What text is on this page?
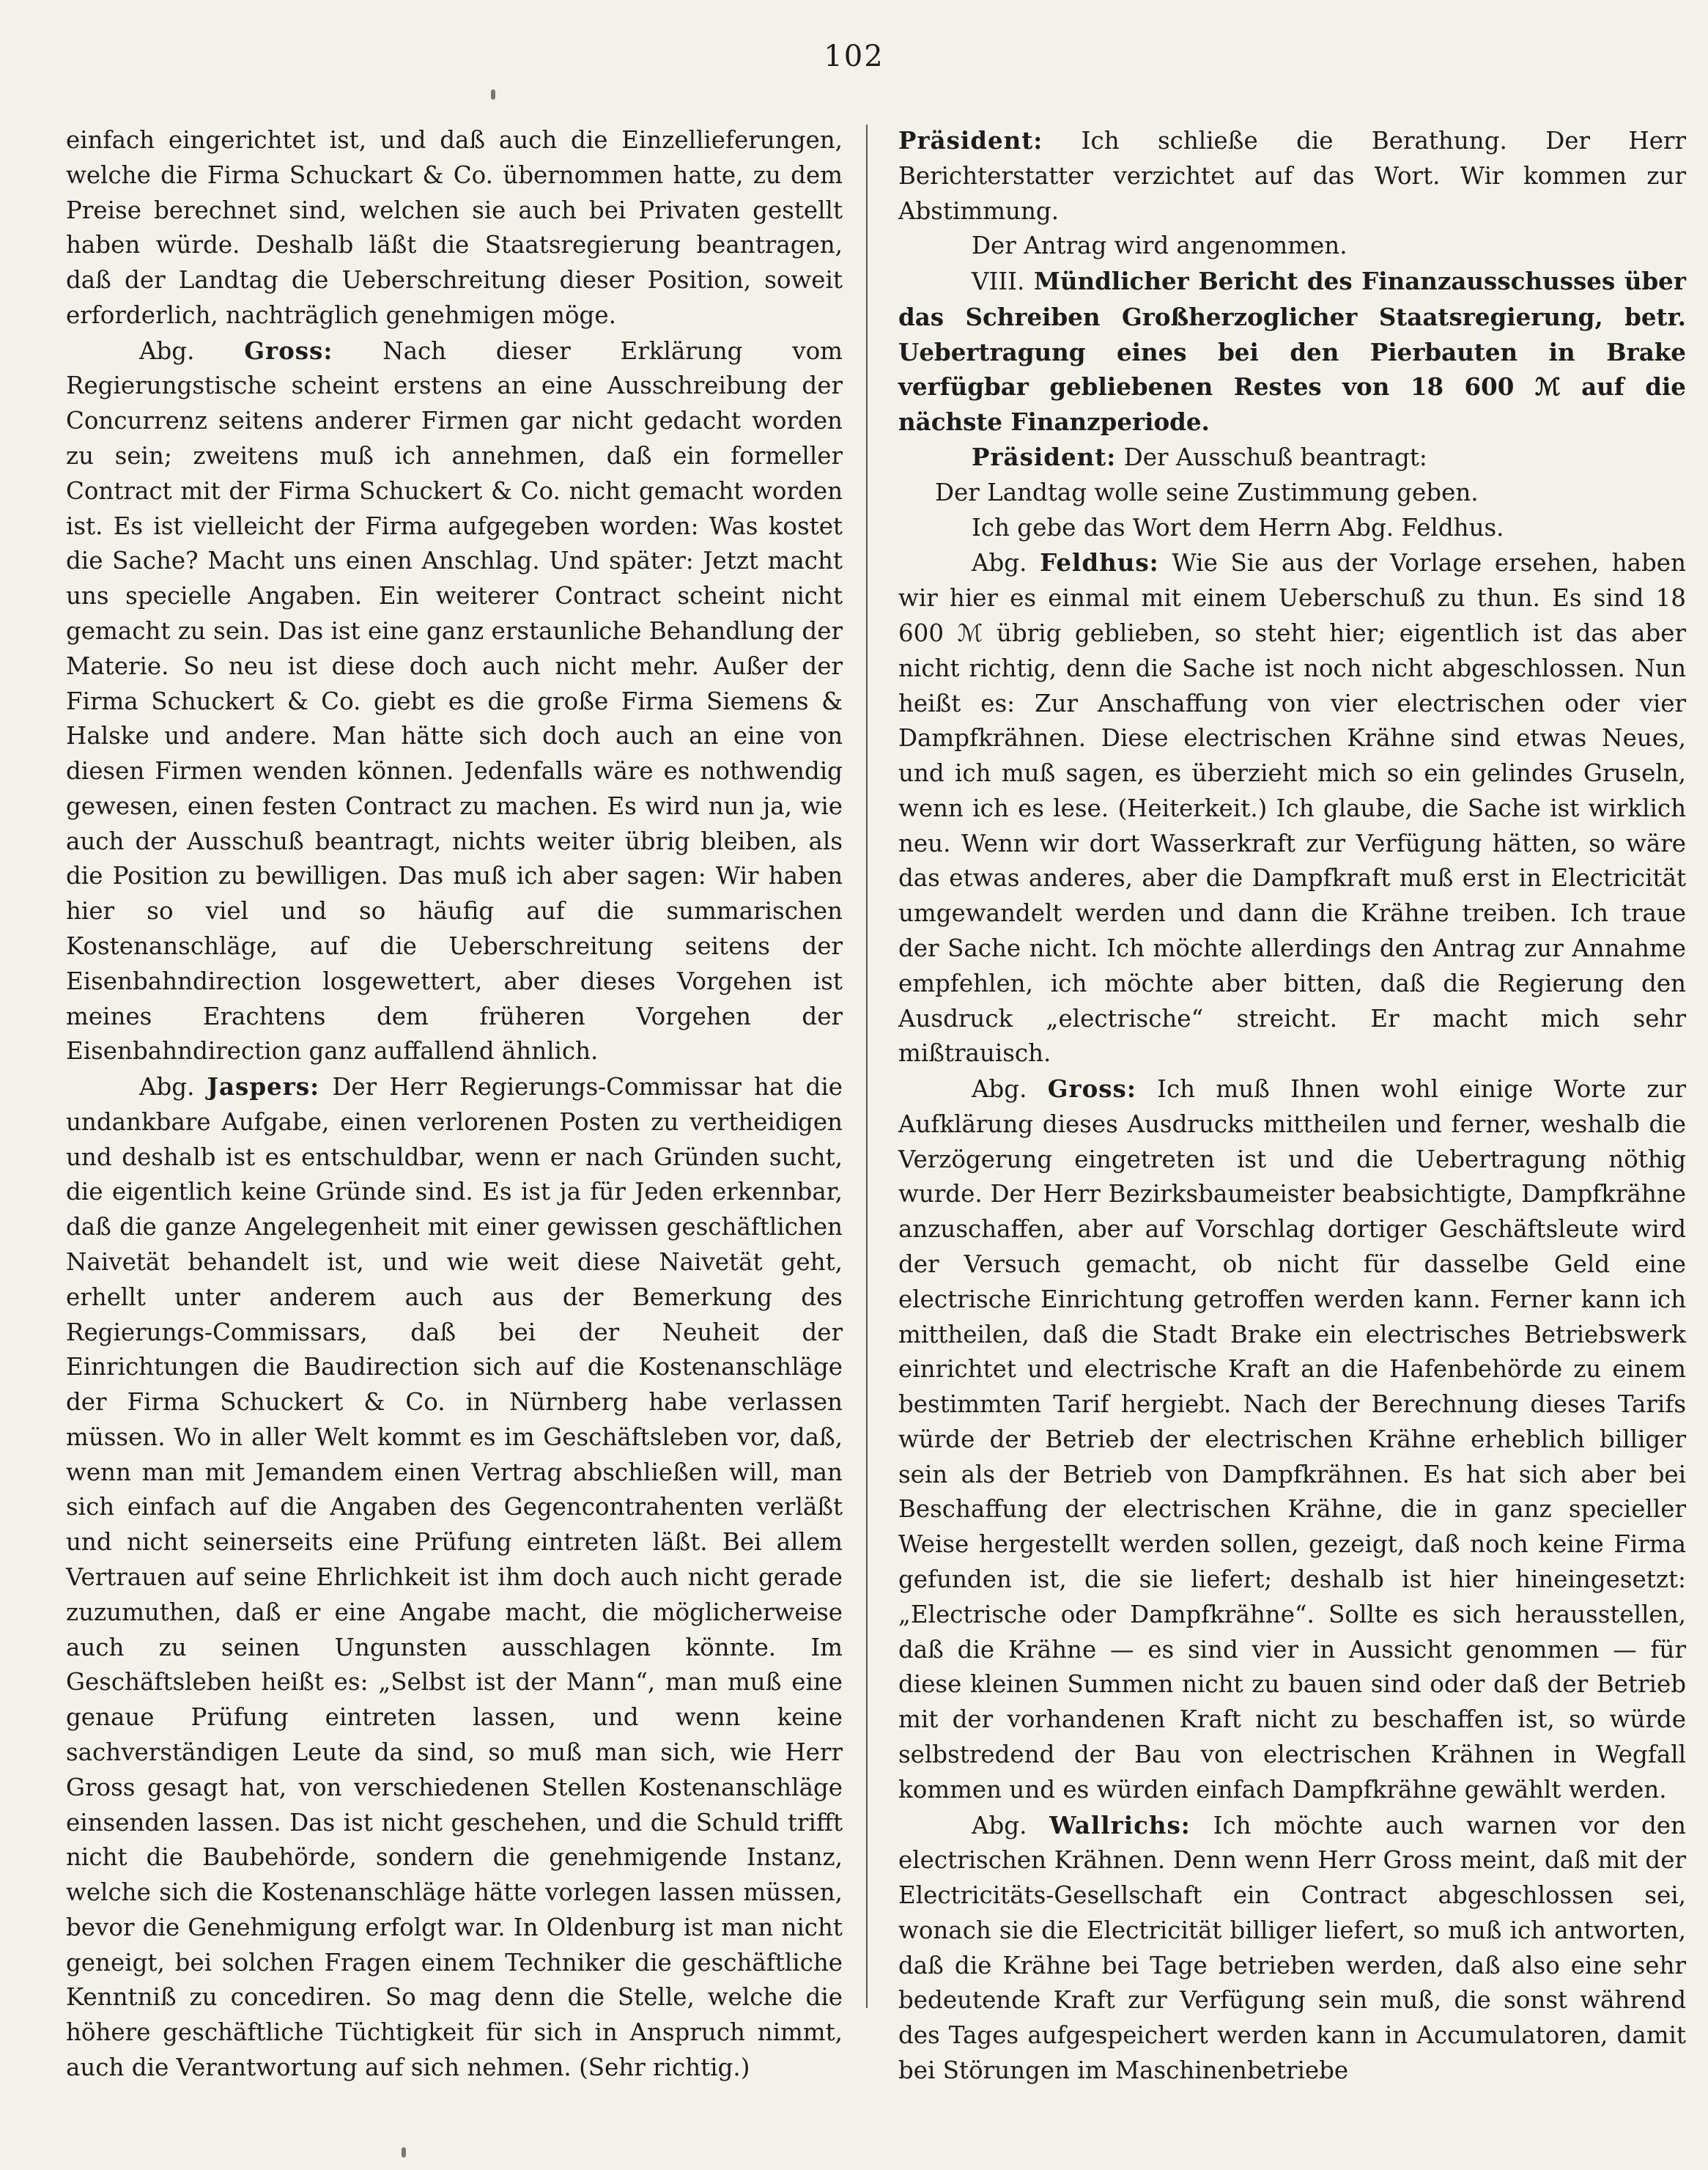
102

einfach eingerichtet ist, und daß auch die Einzellieferungen, welche die Firma Schuckart & Co. übernommen hatte, zu dem Preise berechnet sind, welchen sie auch bei Privaten gestellt haben würde. Deshalb läßt die Staatsregierung beantragen, daß der Landtag die Ueberschreitung dieser Position, soweit erforderlich, nachträglich genehmigen möge.

Abg. Gross: Nach dieser Erklärung vom Regierungstische scheint erstens an eine Ausschreibung der Concurrenz seitens anderer Firmen gar nicht gedacht worden zu sein; zweitens muß ich annehmen, daß ein formeller Contract mit der Firma Schuckert & Co. nicht gemacht worden ist. Es ist vielleicht der Firma aufgegeben worden: Was kostet die Sache? Macht uns einen Anschlag. Und später: Jetzt macht uns specielle Angaben. Ein weiterer Contract scheint nicht gemacht zu sein. Das ist eine ganz erstaunliche Behandlung der Materie. So neu ist diese doch auch nicht mehr. Außer der Firma Schuckert & Co. giebt es die große Firma Siemens & Halske und andere. Man hätte sich doch auch an eine von diesen Firmen wenden können. Jedenfalls wäre es nothwendig gewesen, einen festen Contract zu machen. Es wird nun ja, wie auch der Ausschuß beantragt, nichts weiter übrig bleiben, als die Position zu bewilligen. Das muß ich aber sagen: Wir haben hier so viel und so häufig auf die summarischen Kostenanschläge, auf die Ueberschreitung seitens der Eisenbahndirection losgewettert, aber dieses Vorgehen ist meines Erachtens dem früheren Vorgehen der Eisenbahndirection ganz auffallend ähnlich.

Abg. Jaspers: Der Herr Regierungs-Commissar hat die undankbare Aufgabe, einen verlorenen Posten zu vertheidigen und deshalb ist es entschuldbar, wenn er nach Gründen sucht, die eigentlich keine Gründe sind. Es ist ja für Jeden erkennbar, daß die ganze Angelegenheit mit einer gewissen geschäftlichen Naivetät behandelt ist, und wie weit diese Naivetät geht, erhellt unter anderem auch aus der Bemerkung des Regierungs-Commissars, daß bei der Neuheit der Einrichtungen die Baudirection sich auf die Kostenanschläge der Firma Schuckert & Co. in Nürnberg habe verlassen müssen. Wo in aller Welt kommt es im Geschäftsleben vor, daß, wenn man mit Jemandem einen Vertrag abschließen will, man sich einfach auf die Angaben des Gegencontrahenten verläßt und nicht seinerseits eine Prüfung eintreten läßt. Bei allem Vertrauen auf seine Ehrlichkeit ist ihm doch auch nicht gerade zuzumuthen, daß er eine Angabe macht, die möglicherweise auch zu seinen Ungunsten ausschlagen könnte. Im Geschäftsleben heißt es: „Selbst ist der Mann“, man muß eine genaue Prüfung eintreten lassen, und wenn keine sachverständigen Leute da sind, so muß man sich, wie Herr Gross gesagt hat, von verschiedenen Stellen Kostenanschläge einsenden lassen. Das ist nicht geschehen, und die Schuld trifft nicht die Baubehörde, sondern die genehmigende Instanz, welche sich die Kostenanschläge hätte vorlegen lassen müssen, bevor die Genehmigung erfolgt war. In Oldenburg ist man nicht geneigt, bei solchen Fragen einem Techniker die geschäftliche Kenntniß zu concediren. So mag denn die Stelle, welche die höhere geschäftliche Tüchtigkeit für sich in Anspruch nimmt, auch die Verantwortung auf sich nehmen. (Sehr richtig.)

Präsident: Ich schließe die Berathung. Der Herr Berichterstatter verzichtet auf das Wort. Wir kommen zur Abstimmung.

Der Antrag wird angenommen.

VIII. Mündlicher Bericht des Finanzausschusses über das Schreiben Großherzoglicher Staatsregierung, betr. Uebertragung eines bei den Pierbauten in Brake verfügbar gebliebenen Restes von 18 600 ℳ auf die nächste Finanzperiode.

Präsident: Der Ausschuß beantragt:

Der Landtag wolle seine Zustimmung geben.

Ich gebe das Wort dem Herrn Abg. Feldhus.

Abg. Feldhus: Wie Sie aus der Vorlage ersehen, haben wir hier es einmal mit einem Ueberschuß zu thun. Es sind 18 600 ℳ übrig geblieben, so steht hier; eigentlich ist das aber nicht richtig, denn die Sache ist noch nicht abgeschlossen. Nun heißt es: Zur Anschaffung von vier electrischen oder vier Dampfkrähnen. Diese electrischen Krähne sind etwas Neues, und ich muß sagen, es überzieht mich so ein gelindes Gruseln, wenn ich es lese. (Heiterkeit.) Ich glaube, die Sache ist wirklich neu. Wenn wir dort Wasserkraft zur Verfügung hätten, so wäre das etwas anderes, aber die Dampfkraft muß erst in Electricität umgewandelt werden und dann die Krähne treiben. Ich traue der Sache nicht. Ich möchte allerdings den Antrag zur Annahme empfehlen, ich möchte aber bitten, daß die Regierung den Ausdruck „electrische“ streicht. Er macht mich sehr mißtrauisch.

Abg. Gross: Ich muß Ihnen wohl einige Worte zur Aufklärung dieses Ausdrucks mittheilen und ferner, weshalb die Verzögerung eingetreten ist und die Uebertragung nöthig wurde. Der Herr Bezirksbaumeister beabsichtigte, Dampfkrähne anzuschaffen, aber auf Vorschlag dortiger Geschäftsleute wird der Versuch gemacht, ob nicht für dasselbe Geld eine electrische Einrichtung getroffen werden kann. Ferner kann ich mittheilen, daß die Stadt Brake ein electrisches Betriebswerk einrichtet und electrische Kraft an die Hafenbehörde zu einem bestimmten Tarif hergiebt. Nach der Berechnung dieses Tarifs würde der Betrieb der electrischen Krähne erheblich billiger sein als der Betrieb von Dampfkrähnen. Es hat sich aber bei Beschaffung der electrischen Krähne, die in ganz specieller Weise hergestellt werden sollen, gezeigt, daß noch keine Firma gefunden ist, die sie liefert; deshalb ist hier hineingesetzt: „Electrische oder Dampfkrähne“. Sollte es sich herausstellen, daß die Krähne — es sind vier in Aussicht genommen — für diese kleinen Summen nicht zu bauen sind oder daß der Betrieb mit der vorhandenen Kraft nicht zu beschaffen ist, so würde selbstredend der Bau von electrischen Krähnen in Wegfall kommen und es würden einfach Dampfkrähne gewählt werden.

Abg. Wallrichs: Ich möchte auch warnen vor den electrischen Krähnen. Denn wenn Herr Gross meint, daß mit der Electricitäts-Gesellschaft ein Contract abgeschlossen sei, wonach sie die Electricität billiger liefert, so muß ich antworten, daß die Krähne bei Tage betrieben werden, daß also eine sehr bedeutende Kraft zur Verfügung sein muß, die sonst während des Tages aufgespeichert werden kann in Accumulatoren, damit bei Störungen im Maschinenbetriebe
